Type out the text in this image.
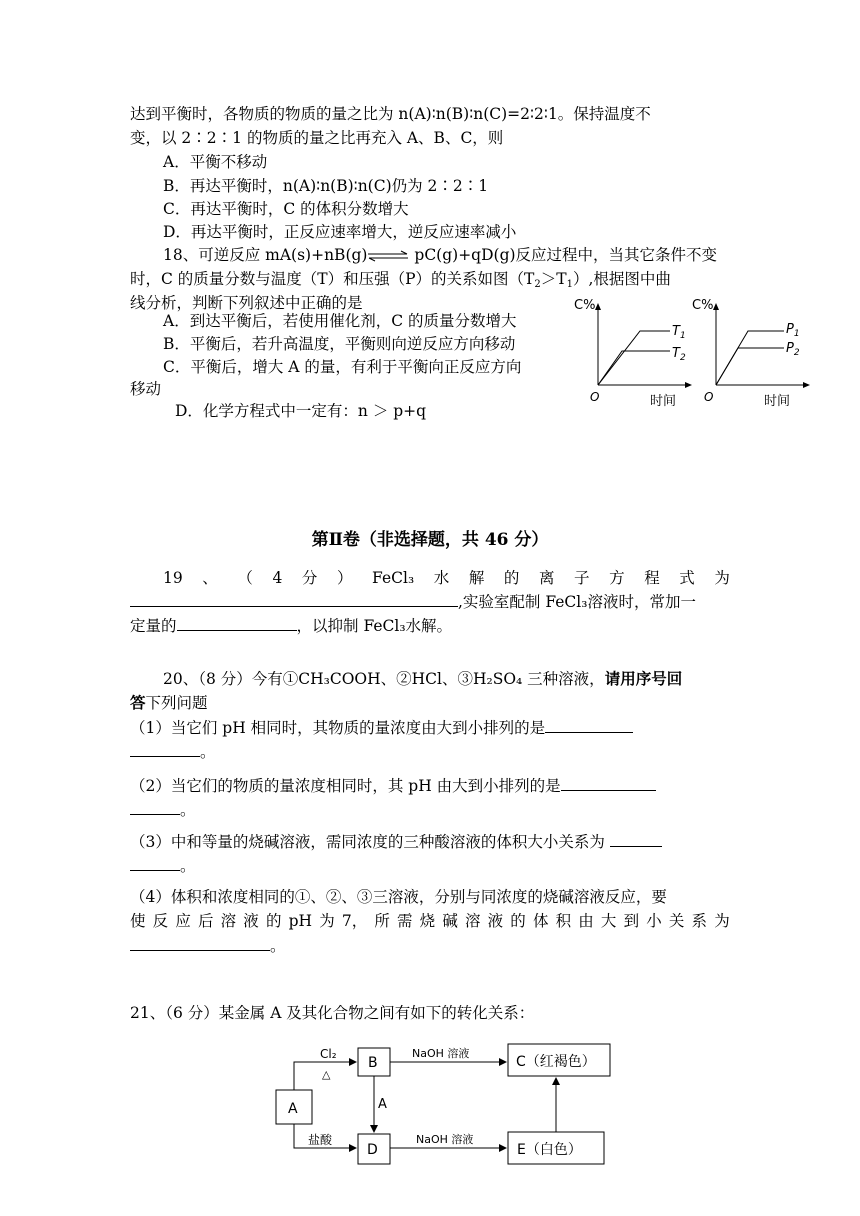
达到平衡时，各物质的物质的量之比为 n(A)∶n(B)∶n(C)=2∶2∶1。保持温度不
变，以 2∶2∶1 的物质的量之比再充入 A、B、C，则
A．平衡不移动
B．再达平衡时，n(A)∶n(B)∶n(C)仍为 2∶2∶1
C．再达平衡时，C 的体积分数增大
D．再达平衡时，正反应速率增大，逆反应速率减小
18、可逆反应 mA(s)+nB(g)⇌ pC(g)+qD(g)反应过程中，当其它条件不变
时，C 的质量分数与温度（T）和压强（P）的关系如图$(T_2>T_1)$,根据图中曲
线分析，判断下列叙述中正确的是
A．到达平衡后，若使用催化剂，C 的质量分数增大
B．平衡后，若升高温度，平衡则向逆反应方向移动
C．平衡后，增大 A 的量，有利于平衡向正反应方向
移动
D．化学方程式中一定有：n ＞ p+q
C%
$T_1$
$T_2$
O	时间
C%
$P_1$
$P_2$
O	时间
第Ⅱ卷（非选择题，共 46 分）
19 、 （ 4 分 ） FeCl₃ 水 解 的 离 子 方 程 式 为
,实验室配制 FeCl₃溶液时，常加一
定量的	，以抑制 FeCl₃水解。
20、（8 分）今有①CH₃COOH、②HCl、③H₂SO₄ 三种溶液，请用序号回
答下列问题
（1）当它们 pH 相同时，其物质的量浓度由大到小排列的是
。
（2）当它们的物质的量浓度相同时，其 pH 由大到小排列的是
。
（3）中和等量的烧碱溶液，需同浓度的三种酸溶液的体积大小关系为
。
（4）体积和浓度相同的①、②、③三溶液，分别与同浓度的烧碱溶液反应，要
使 反 应 后 溶 液 的 pH 为 7， 所 需 烧 碱 溶 液 的 体 积 由 大 到 小 关 系 为
。
21、（6 分）某金属 A 及其化合物之间有如下的转化关系：
A
B	C（红褐色）
D	E（白色）
Cl₂
△
盐酸
A
NaOH 溶液
NaOH 溶液
